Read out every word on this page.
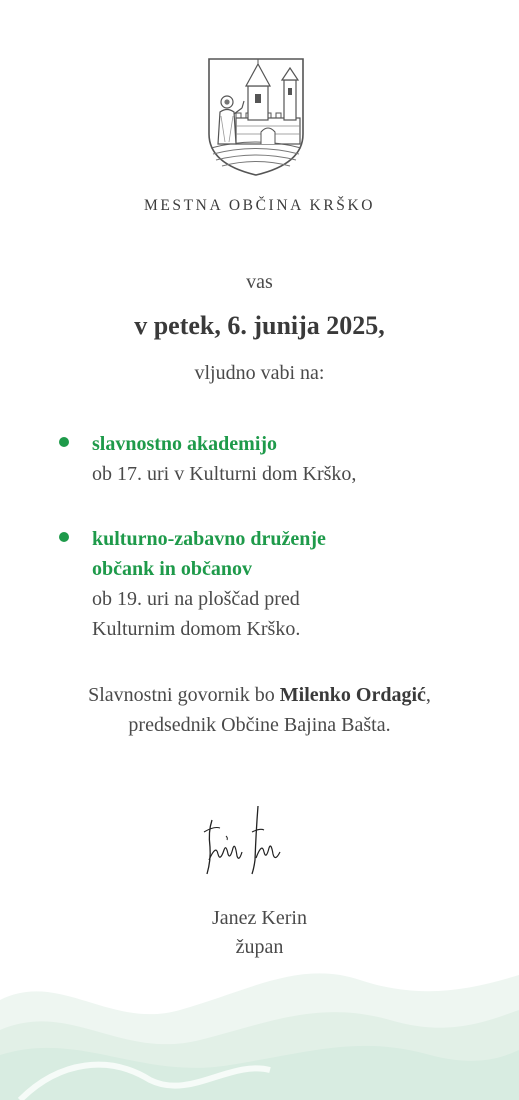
MESTNA OBČINA KRŠKO
vas
v petek, 6. junija 2025,
vljudno vabi na:
slavnostno akademijo
ob 17. uri v Kulturni dom Krško,
kulturno-zabavno druženje
občank in občanov
ob 19. uri na ploščad pred
Kulturnim domom Krško.
Slavnostni govornik bo Milenko Ordagić,
predsednik Občine Bajina Bašta.
Janez Kerin
župan
